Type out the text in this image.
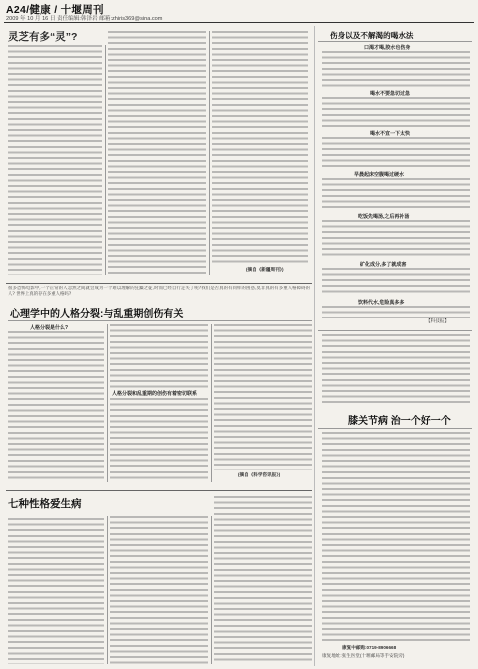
A24/健康 / 十堰周刊
2009 年 10 月 16 日 责任编辑:韩泽岩 邮箱:zhiris369@sina.com
灵芝有多“灵”?
(摘自《新疆周刊》)
伤身以及不解渴的喝水法
口渴才喝,胶水也伤身
喝水不要急切过急
喝水不宜一下太快
早晨起床空腹喝过硬水
吃饭先喝汤,之后再补汤
矿化成分,多了就成害
饮料代水,危险真多多
【科技报】
很多恐怖电影中,一个正常的人忽然之间就会成为一个难以理解的狂躁之徒,时而已经自行走失了呢?我们是否真的有同样的困惑,莫非真的有多重人格障碍的人? 世界上真的存在多重人格吗?
心理学中的人格分裂:与乱重期创伤有关
人格分裂是什么?
人格分裂和乱重期的创伤有着密切联系
(摘自《科学咨讯报》)
膝关节病 治一个好一个
康复中邮购:0719-8906668
康复地址:张生医堂(十堰邮局等手安院旁)
七种性格爱生病
